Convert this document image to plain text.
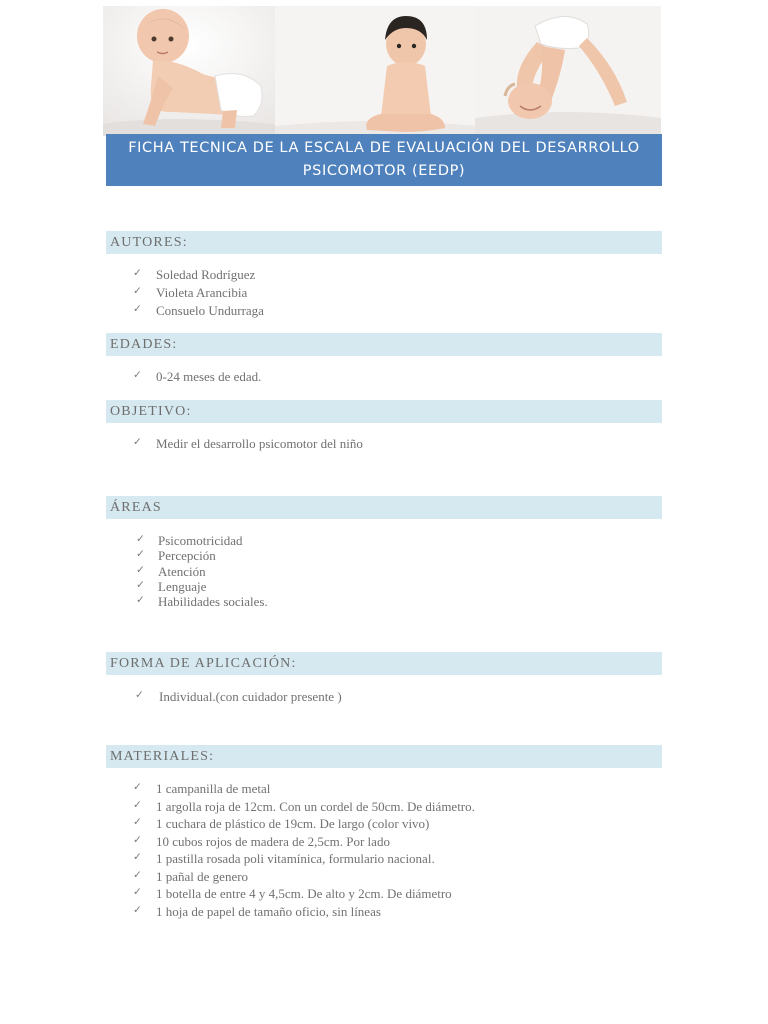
FICHA TECNICA DE LA ESCALA DE EVALUACIÓN DEL DESARROLLO
PSICOMOTOR (EEDP)
AUTORES:
✓ Soledad Rodríguez
✓ Violeta Arancibia
✓ Consuelo Undurraga
EDADES:
✓ 0-24 meses de edad.
OBJETIVO:
✓ Medir el desarrollo psicomotor del niño
ÁREAS
✓ Psicomotricidad
✓ Percepción
✓ Atención
✓ Lenguaje
✓ Habilidades sociales.
FORMA DE APLICACIÓN:
✓ Individual.(con cuidador presente )
MATERIALES:
✓ 1 campanilla de metal
✓ 1 argolla roja de 12cm. Con un cordel de 50cm. De diámetro.
✓ 1 cuchara de plástico de 19cm. De largo (color vivo)
✓ 10 cubos rojos de madera de 2,5cm. Por lado
✓ 1 pastilla rosada poli vitamínica, formulario nacional.
✓ 1 pañal de genero
✓ 1 botella de entre 4 y 4,5cm. De alto y 2cm. De diámetro
✓ 1 hoja de papel de tamaño oficio, sin líneas
